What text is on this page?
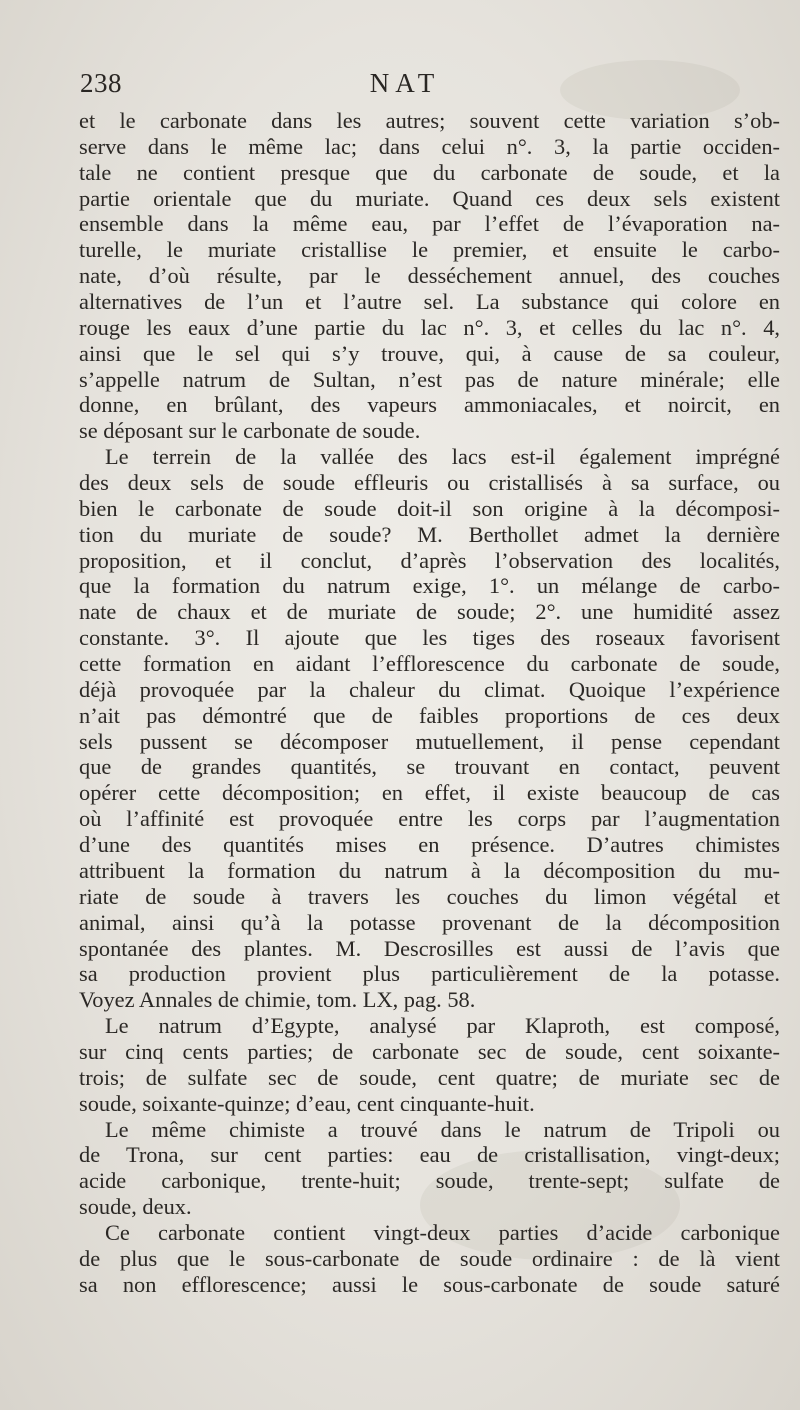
238	NAT
et le carbonate dans les autres; souvent cette variation s’ob-
serve dans le même lac; dans celui n°. 3, la partie occiden-
tale ne contient presque que du carbonate de soude, et la
partie orientale que du muriate. Quand ces deux sels existent
ensemble dans la même eau, par l’effet de l’évaporation na-
turelle, le muriate cristallise le premier, et ensuite le carbo-
nate, d’où résulte, par le desséchement annuel, des couches
alternatives de l’un et l’autre sel. La substance qui colore en
rouge les eaux d’une partie du lac n°. 3, et celles du lac n°. 4,
ainsi que le sel qui s’y trouve, qui, à cause de sa couleur,
s’appelle natrum de Sultan, n’est pas de nature minérale; elle
donne, en brûlant, des vapeurs ammoniacales, et noircit, en
se déposant sur le carbonate de soude.
Le terrein de la vallée des lacs est-il également imprégné
des deux sels de soude effleuris ou cristallisés à sa surface, ou
bien le carbonate de soude doit-il son origine à la décomposi-
tion du muriate de soude? M. Berthollet admet la dernière
proposition, et il conclut, d’après l’observation des localités,
que la formation du natrum exige, 1°. un mélange de carbo-
nate de chaux et de muriate de soude; 2°. une humidité assez
constante. 3°. Il ajoute que les tiges des roseaux favorisent
cette formation en aidant l’efflorescence du carbonate de soude,
déjà provoquée par la chaleur du climat. Quoique l’expérience
n’ait pas démontré que de faibles proportions de ces deux
sels pussent se décomposer mutuellement, il pense cependant
que de grandes quantités, se trouvant en contact, peuvent
opérer cette décomposition; en effet, il existe beaucoup de cas
où l’affinité est provoquée entre les corps par l’augmentation
d’une des quantités mises en présence. D’autres chimistes
attribuent la formation du natrum à la décomposition du mu-
riate de soude à travers les couches du limon végétal et
animal, ainsi qu’à la potasse provenant de la décomposition
spontanée des plantes. M. Descrosilles est aussi de l’avis que
sa production provient plus particulièrement de la potasse.
Voyez Annales de chimie, tom. LX, pag. 58.
Le natrum d’Egypte, analysé par Klaproth, est composé,
sur cinq cents parties; de carbonate sec de soude, cent soixante-
trois; de sulfate sec de soude, cent quatre; de muriate sec de
soude, soixante-quinze; d’eau, cent cinquante-huit.
Le même chimiste a trouvé dans le natrum de Tripoli ou
de Trona, sur cent parties: eau de cristallisation, vingt-deux;
acide carbonique, trente-huit; soude, trente-sept; sulfate de
soude, deux.
Ce carbonate contient vingt-deux parties d’acide carbonique
de plus que le sous-carbonate de soude ordinaire : de là vient
sa non efflorescence; aussi le sous-carbonate de soude saturé
